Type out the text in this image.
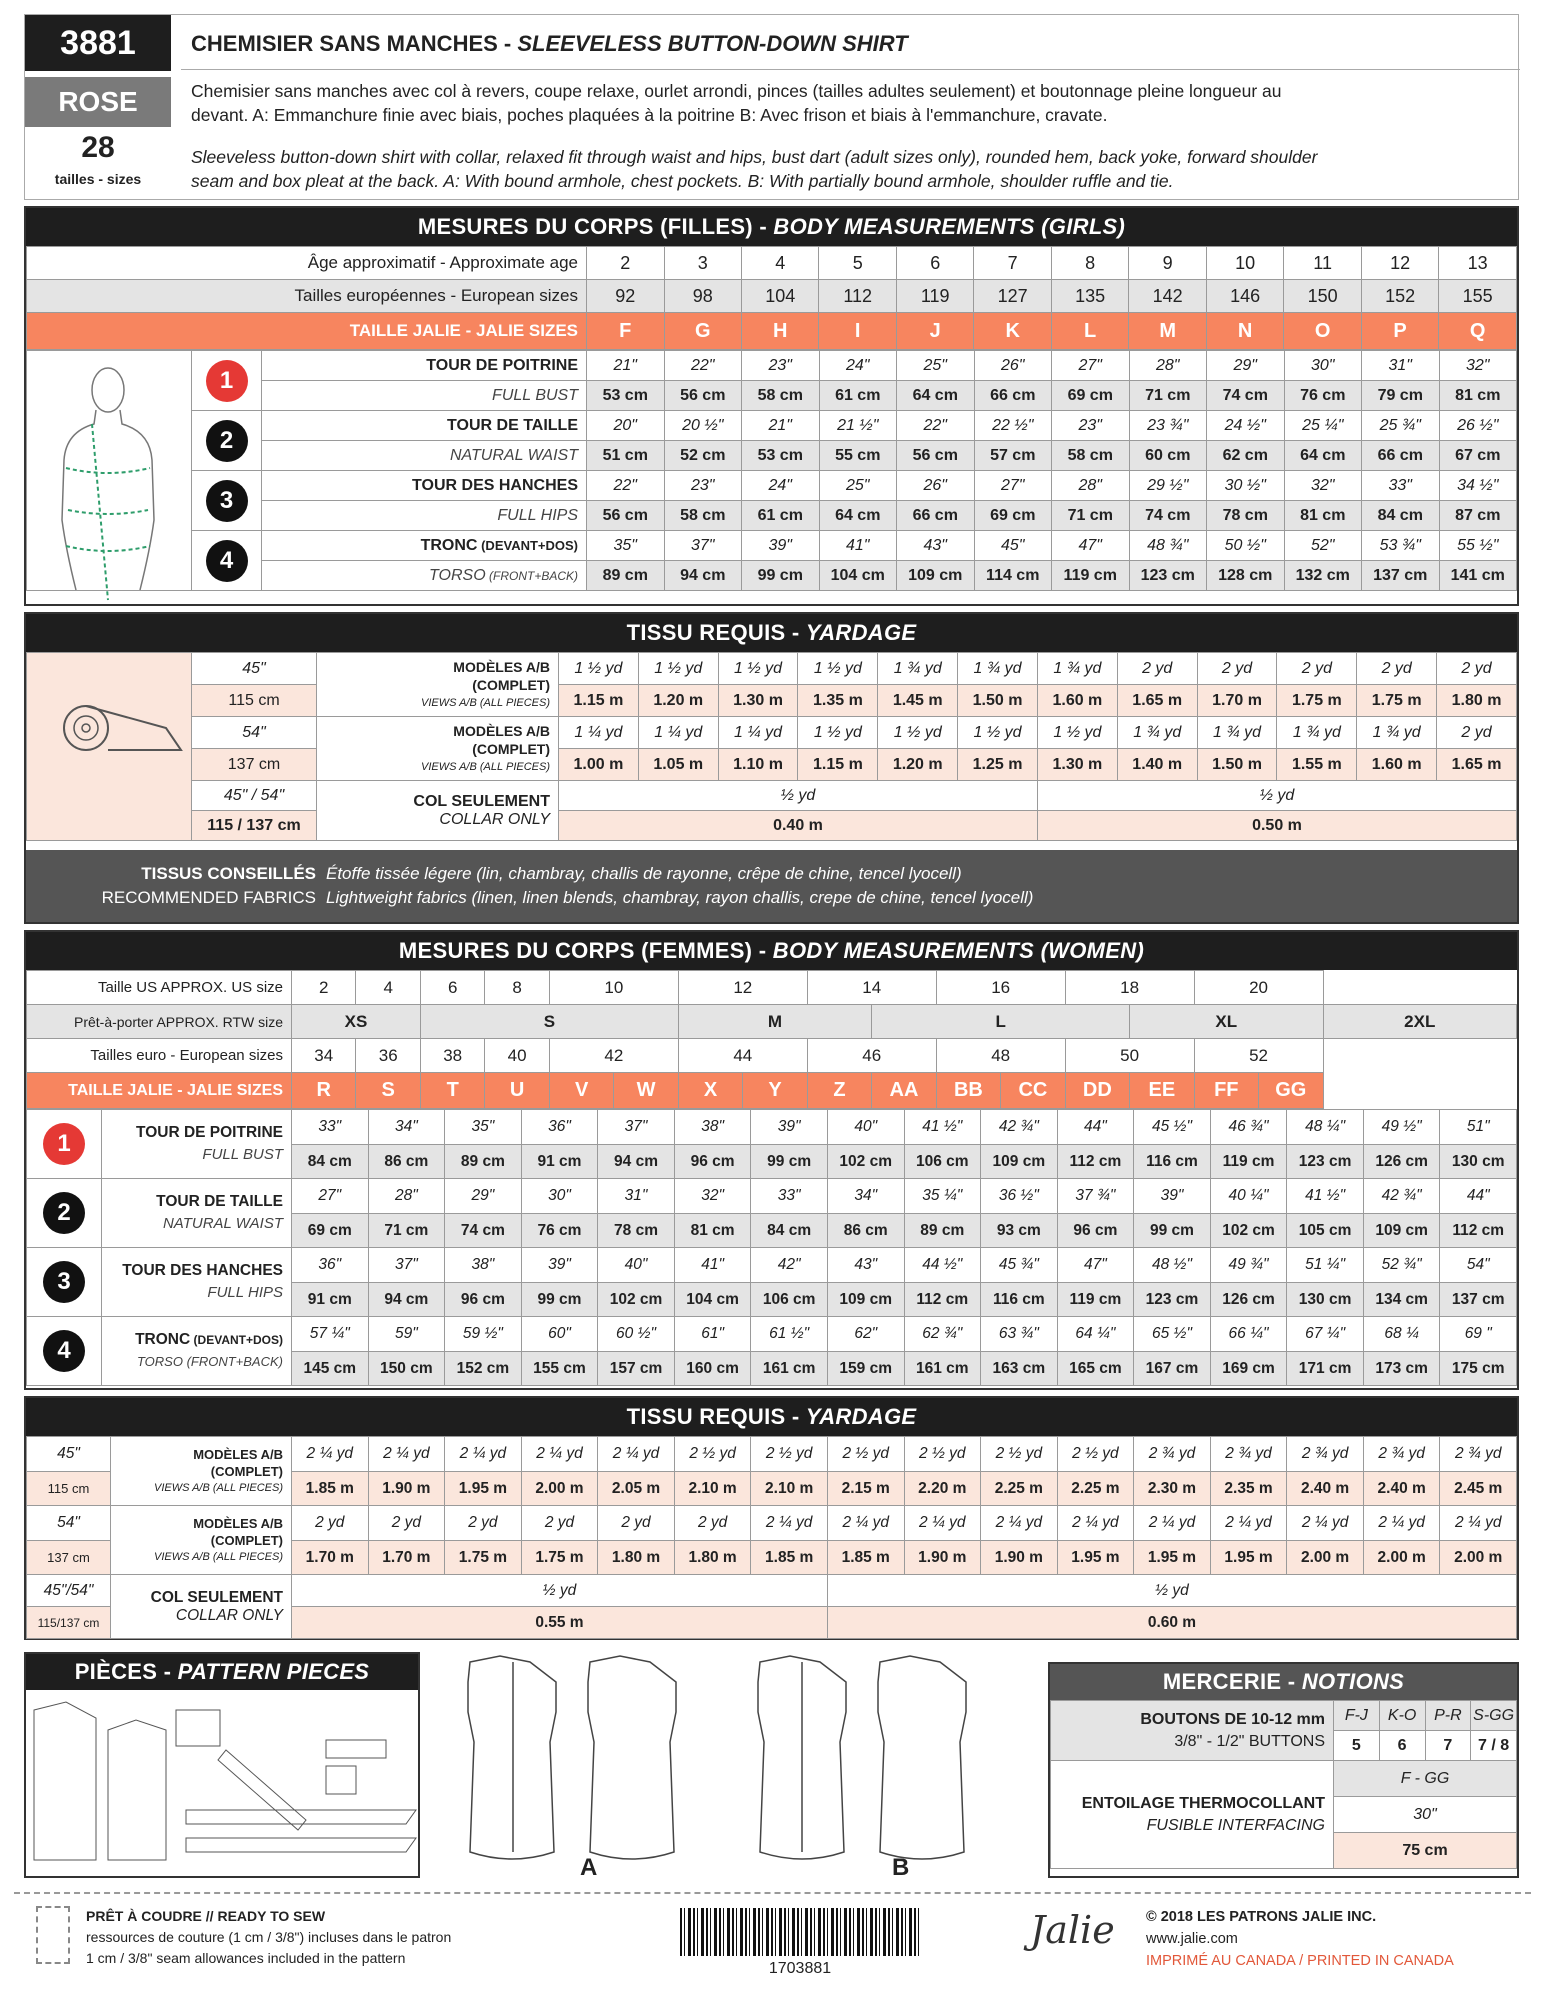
3881
ROSE
28
tailles - sizes
CHEMISIER SANS MANCHES - SLEEVELESS BUTTON-DOWN SHIRT
Chemisier sans manches avec col à revers, coupe relaxe, ourlet arrondi, pinces (tailles adultes seulement) et boutonnage pleine longueur au
devant. A: Emmanchure finie avec biais, poches plaquées à la poitrine B: Avec frison et biais à l'emmanchure, cravate.
Sleeveless button-down shirt with collar, relaxed fit through waist and hips, bust dart (adult sizes only), rounded hem, back yoke, forward shoulder
seam and box pleat at the back. A: With bound armhole, chest pockets. B: With partially bound armhole, shoulder ruffle and tie.
MESURES DU CORPS (FILLES) - BODY MEASUREMENTS (GIRLS)
Âge approximatif - Approximate age	2	3	4	5	6	7	8	9	10	11	12	13
Tailles européennes - European sizes	92	98	104	112	119	127	135	142	146	150	152	155
TAILLE JALIE - JALIE SIZES	F	G	H	I	J	K	L	M	N	O	P	Q
	1	TOUR DE POITRINE	21"	22"	23"	24"	25"	26"	27"	28"	29"	30"	31"	32"
		FULL BUST	53 cm	56 cm	58 cm	61 cm	64 cm	66 cm	69 cm	71 cm	74 cm	76 cm	79 cm	81 cm
	2	TOUR DE TAILLE	20"	20 ½"	21"	21 ½"	22"	22 ½"	23"	23 ¾"	24 ½"	25 ¼"	25 ¾"	26 ½"
		NATURAL WAIST	51 cm	52 cm	53 cm	55 cm	56 cm	57 cm	58 cm	60 cm	62 cm	64 cm	66 cm	67 cm
	3	TOUR DES HANCHES	22"	23"	24"	25"	26"	27"	28"	29 ½"	30 ½"	32"	33"	34 ½"
		FULL HIPS	56 cm	58 cm	61 cm	64 cm	66 cm	69 cm	71 cm	74 cm	78 cm	81 cm	84 cm	87 cm
	4	TRONC (DEVANT+DOS)	35"	37"	39"	41"	43"	45"	47"	48 ¾"	50 ½"	52"	53 ¾"	55 ½"
		TORSO (FRONT+BACK)	89 cm	94 cm	99 cm	104 cm	109 cm	114 cm	119 cm	123 cm	128 cm	132 cm	137 cm	141 cm
TISSU REQUIS - YARDAGE
	45"	MODÈLES A/B
(COMPLET)
VIEWS A/B (ALL PIECES)	1 ½ yd	1 ½ yd	1 ½ yd	1 ½ yd	1 ¾ yd	1 ¾ yd	1 ¾ yd	2 yd	2 yd	2 yd	2 yd	2 yd
	115 cm		1.15 m	1.20 m	1.30 m	1.35 m	1.45 m	1.50 m	1.60 m	1.65 m	1.70 m	1.75 m	1.75 m	1.80 m
	54"	MODÈLES A/B
(COMPLET)
VIEWS A/B (ALL PIECES)	1 ¼ yd	1 ¼ yd	1 ¼ yd	1 ½ yd	1 ½ yd	1 ½ yd	1 ½ yd	1 ¾ yd	1 ¾ yd	1 ¾ yd	1 ¾ yd	2 yd
	137 cm		1.00 m	1.05 m	1.10 m	1.15 m	1.20 m	1.25 m	1.30 m	1.40 m	1.50 m	1.55 m	1.60 m	1.65 m
	45" / 54"	COL SEULEMENT
COLLAR ONLY	½ yd						½ yd					
	115 / 137 cm		0.40 m						0.50 m					
TISSUS CONSEILLÉS
RECOMMENDED FABRICS
Étoffe tissée légere (lin, chambray, challis de rayonne, crêpe de chine, tencel lyocell)
Lightweight fabrics (linen, linen blends, chambray, rayon challis, crepe de chine, tencel lyocell)
MESURES DU CORPS (FEMMES) - BODY MEASUREMENTS (WOMEN)
Taille US APPROX. US size	2	4	6	8	10		12		14		16		18		20		
Prêt-à-porter APPROX. RTW size	XS		S				M			L				XL			2XL
Tailles euro - European sizes	34	36	38	40	42		44		46		48		50		52		
TAILLE JALIE - JALIE SIZES	R	S	T	U	V	W	X	Y	Z	AA	BB	CC	DD	EE	FF	GG	
1	TOUR DE POITRINE
FULL BUST	33"	34"	35"	36"	37"	38"	39"	40"	41 ½"	42 ¾"	44"	45 ½"	46 ¾"	48 ¼"	49 ½"	51"
		84 cm	86 cm	89 cm	91 cm	94 cm	96 cm	99 cm	102 cm	106 cm	109 cm	112 cm	116 cm	119 cm	123 cm	126 cm	130 cm
2	TOUR DE TAILLE
NATURAL WAIST	27"	28"	29"	30"	31"	32"	33"	34"	35 ¼"	36 ½"	37 ¾"	39"	40 ¼"	41 ½"	42 ¾"	44"
		69 cm	71 cm	74 cm	76 cm	78 cm	81 cm	84 cm	86 cm	89 cm	93 cm	96 cm	99 cm	102 cm	105 cm	109 cm	112 cm
3	TOUR DES HANCHES
FULL HIPS	36"	37"	38"	39"	40"	41"	42"	43"	44 ½"	45 ¾"	47"	48 ½"	49 ¾"	51 ¼"	52 ¾"	54"
		91 cm	94 cm	96 cm	99 cm	102 cm	104 cm	106 cm	109 cm	112 cm	116 cm	119 cm	123 cm	126 cm	130 cm	134 cm	137 cm
4	TRONC (DEVANT+DOS)
TORSO (FRONT+BACK)	57 ¼"	59"	59 ½"	60"	60 ½"	61"	61 ½"	62"	62 ¾"	63 ¾"	64 ¼"	65 ½"	66 ¼"	67 ¼"	68 ¼	69 "
		145 cm	150 cm	152 cm	155 cm	157 cm	160 cm	161 cm	159 cm	161 cm	163 cm	165 cm	167 cm	169 cm	171 cm	173 cm	175 cm
TISSU REQUIS - YARDAGE
45"	MODÈLES A/B
(COMPLET)
VIEWS A/B (ALL PIECES)	2 ¼ yd	2 ¼ yd	2 ¼ yd	2 ¼ yd	2 ¼ yd	2 ½ yd	2 ½ yd	2 ½ yd	2 ½ yd	2 ½ yd	2 ½ yd	2 ¾ yd	2 ¾ yd	2 ¾ yd	2 ¾ yd	2 ¾ yd
115 cm		1.85 m	1.90 m	1.95 m	2.00 m	2.05 m	2.10 m	2.10 m	2.15 m	2.20 m	2.25 m	2.25 m	2.30 m	2.35 m	2.40 m	2.40 m	2.45 m
54"	MODÈLES A/B
(COMPLET)
VIEWS A/B (ALL PIECES)	2 yd	2 yd	2 yd	2 yd	2 yd	2 yd	2 ¼ yd	2 ¼ yd	2 ¼ yd	2 ¼ yd	2 ¼ yd	2 ¼ yd	2 ¼ yd	2 ¼ yd	2 ¼ yd	2 ¼ yd
137 cm		1.70 m	1.70 m	1.75 m	1.75 m	1.80 m	1.80 m	1.85 m	1.85 m	1.90 m	1.90 m	1.95 m	1.95 m	1.95 m	2.00 m	2.00 m	2.00 m
45"/54"	COL SEULEMENT
COLLAR ONLY	½ yd							½ yd								
115/137 cm		0.55 m							0.60 m								
PIÈCES - PATTERN PIECES
A	B
MERCERIE - NOTIONS
BOUTONS DE 10-12 mm
3/8" - 1/2" BUTTONS	F-J	K-O	P-R	S-GG
	5	6	7	7 / 8

ENTOILAGE THERMOCOLLANT
FUSIBLE INTERFACING	F - GG			
	30"			
	75 cm			
PRÊT À COUDRE // READY TO SEW
ressources de couture (1 cm / 3/8") incluses dans le patron
1 cm / 3/8" seam allowances included in the pattern
1703881
Jalie © 2018 LES PATRONS JALIE INC.
www.jalie.com
IMPRIMÉ AU CANADA / PRINTED IN CANADA
